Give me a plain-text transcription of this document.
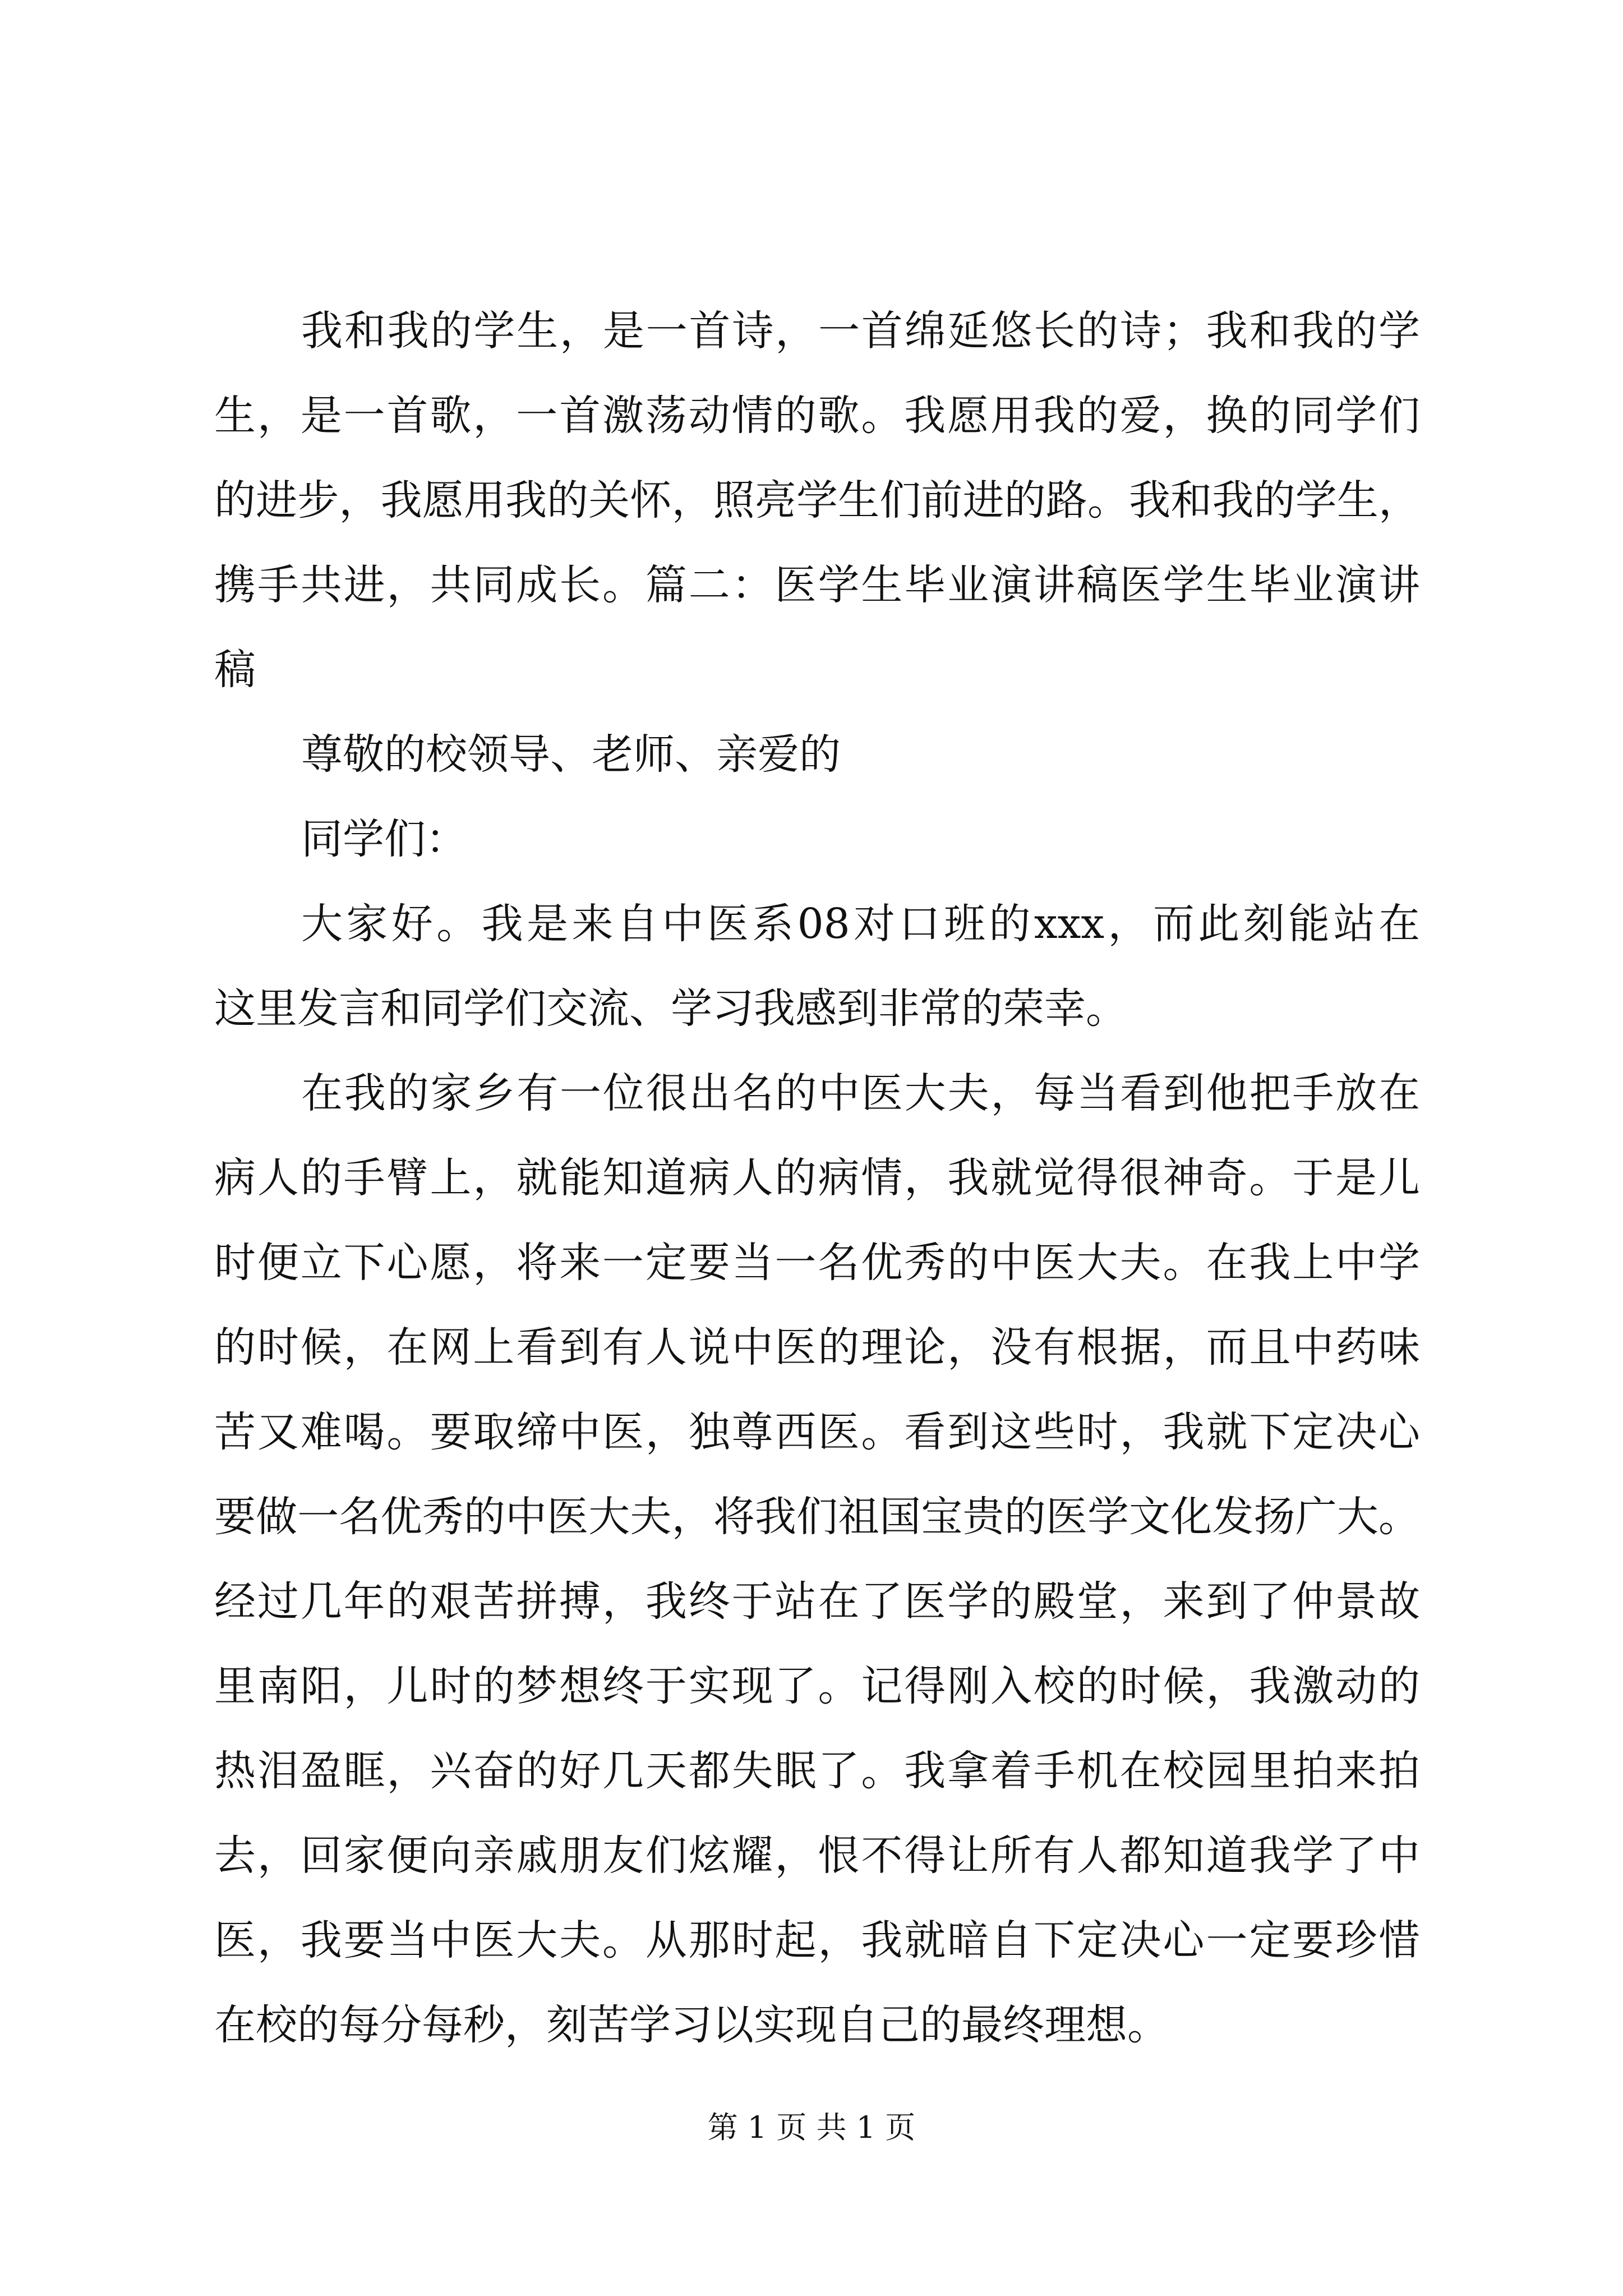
我和我的学生，是一首诗，一首绵延悠长的诗；我和我的学
生，是一首歌，一首激荡动情的歌。我愿用我的爱，换的同学们
的进步，我愿用我的关怀，照亮学生们前进的路。我和我的学生，
携手共进，共同成长。篇二：医学生毕业演讲稿医学生毕业演讲
稿
尊敬的校领导、老师、亲爱的
同学们：
大家好。我是来自中医系08对口班的xxx，而此刻能站在
这里发言和同学们交流、学习我感到非常的荣幸。
在我的家乡有一位很出名的中医大夫，每当看到他把手放在
病人的手臂上，就能知道病人的病情，我就觉得很神奇。于是儿
时便立下心愿，将来一定要当一名优秀的中医大夫。在我上中学
的时候，在网上看到有人说中医的理论，没有根据，而且中药味
苦又难喝。要取缔中医，独尊西医。看到这些时，我就下定决心
要做一名优秀的中医大夫，将我们祖国宝贵的医学文化发扬广大。
经过几年的艰苦拼搏，我终于站在了医学的殿堂，来到了仲景故
里南阳，儿时的梦想终于实现了。记得刚入校的时候，我激动的
热泪盈眶，兴奋的好几天都失眠了。我拿着手机在校园里拍来拍
去，回家便向亲戚朋友们炫耀，恨不得让所有人都知道我学了中
医，我要当中医大夫。从那时起，我就暗自下定决心一定要珍惜
在校的每分每秒，刻苦学习以实现自己的最终理想。
第 1 页 共 1 页
